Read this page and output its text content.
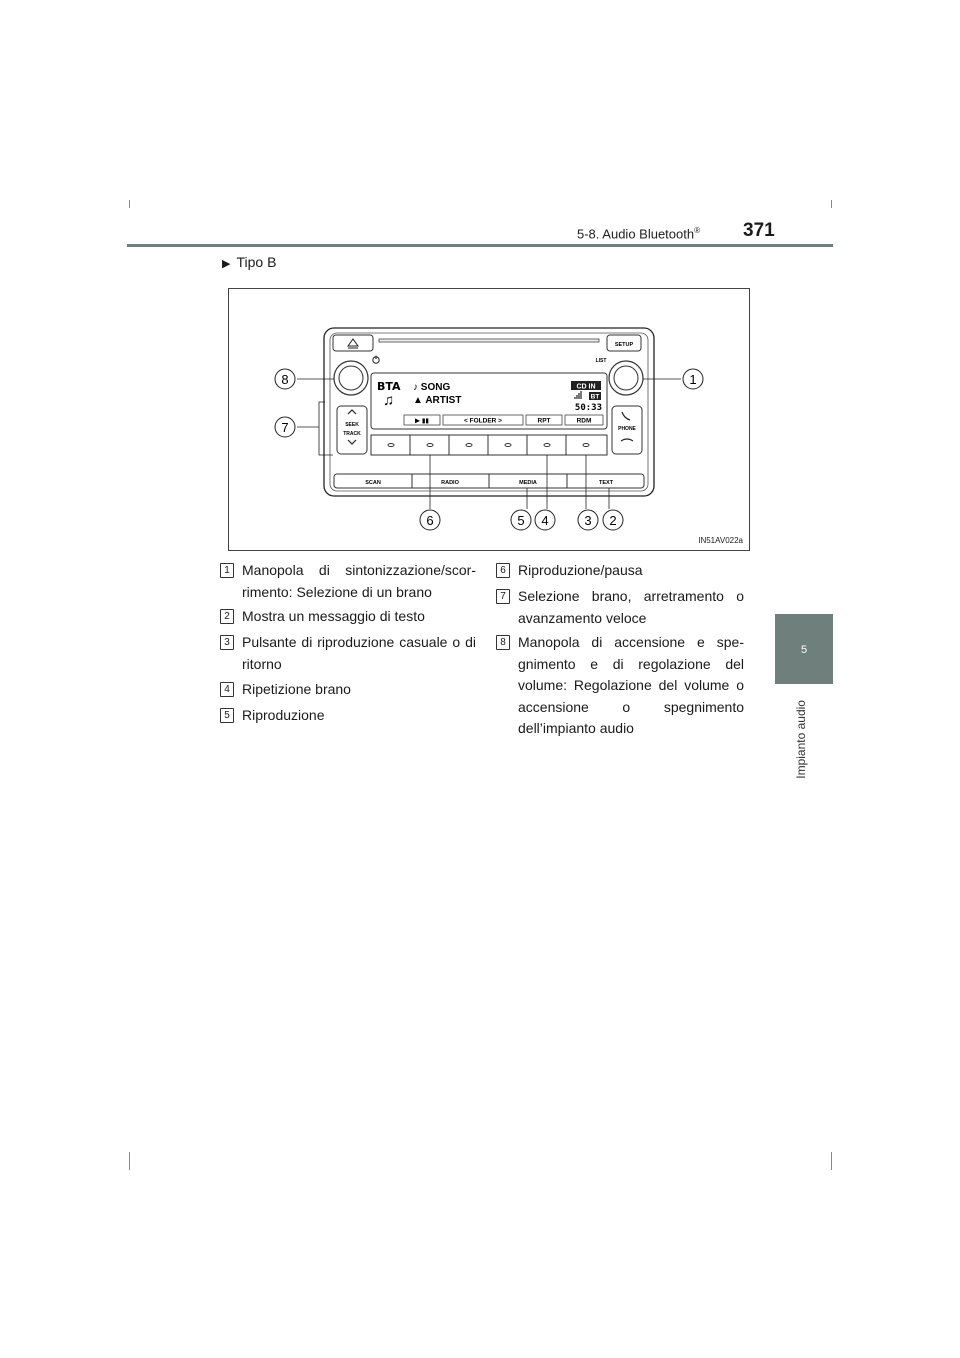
5-8. Audio Bluetooth® 371
5
Impianto audio
▶ Tipo B
SETUP
LIST
BTA
♫
♪ SONG
▲ ARTIST
CD IN
BT
50:33
▶ ▮▮	< FOLDER >	RPT	RDM
SEEK
TRACK
PHONE
SCAN	RADIO	MEDIA	TEXT
8	1
7
6	5 4	3 2
IN51AV022a
1 Manopola di sintonizzazione/scorrimento: Selezione di un brano
2 Mostra un messaggio di testo
3 Pulsante di riproduzione casuale o di ritorno
4 Ripetizione brano
5 Riproduzione
6 Riproduzione/pausa
7 Selezione brano, arretramento o avanzamento veloce
8 Manopola di accensione e spegnimento e di regolazione del volume: Regolazione del volume o accensione o spegnimento dell’impianto audio
